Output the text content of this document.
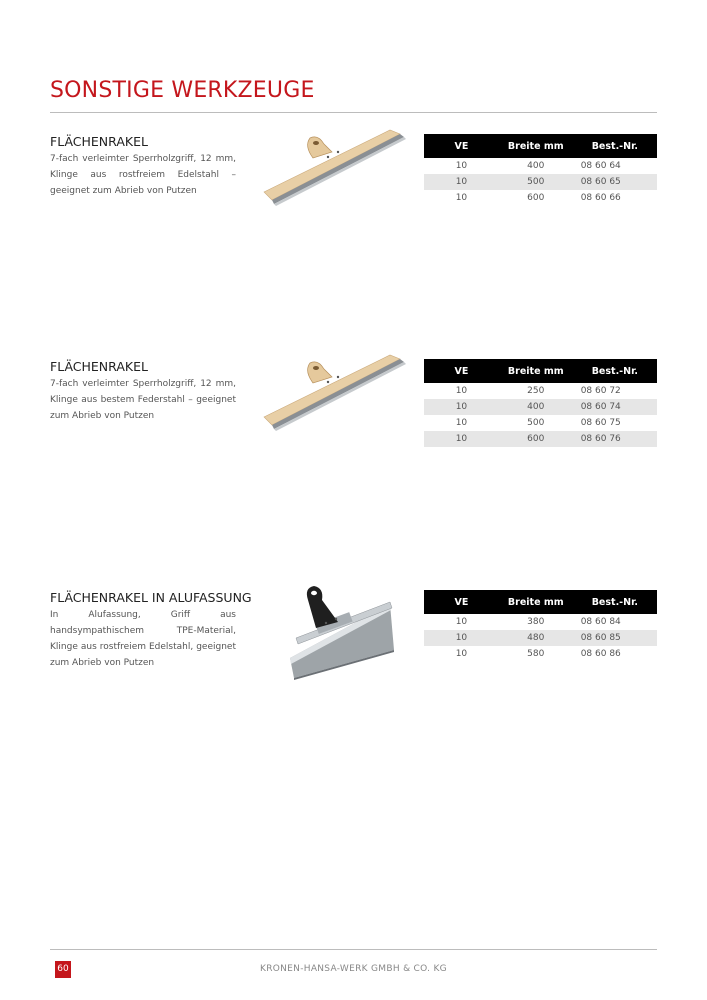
SONSTIGE WERKZEUGE
FLÄCHENRAKEL
7-fach verleimter Sperrholzgriff, 12 mm, Klinge aus rostfreiem Edelstahl – geeignet zum Abrieb von Putzen
VE	Breite mm	Best.-Nr.
10	400	08 60 64
10	500	08 60 65
10	600	08 60 66
FLÄCHENRAKEL
7-fach verleimter Sperrholzgriff, 12 mm, Klinge aus bestem Federstahl – geeignet zum Abrieb von Putzen
VE	Breite mm	Best.-Nr.
10	250	08 60 72
10	400	08 60 74
10	500	08 60 75
10	600	08 60 76
FLÄCHENRAKEL IN ALUFASSUNG
In Alufassung, Griff aus handsympathischem TPE-Material, Klinge aus rostfreiem Edelstahl, geeignet zum Abrieb von Putzen
VE	Breite mm	Best.-Nr.
10	380	08 60 84
10	480	08 60 85
10	580	08 60 86
60	KRONEN-HANSA-WERK GMBH & CO. KG
